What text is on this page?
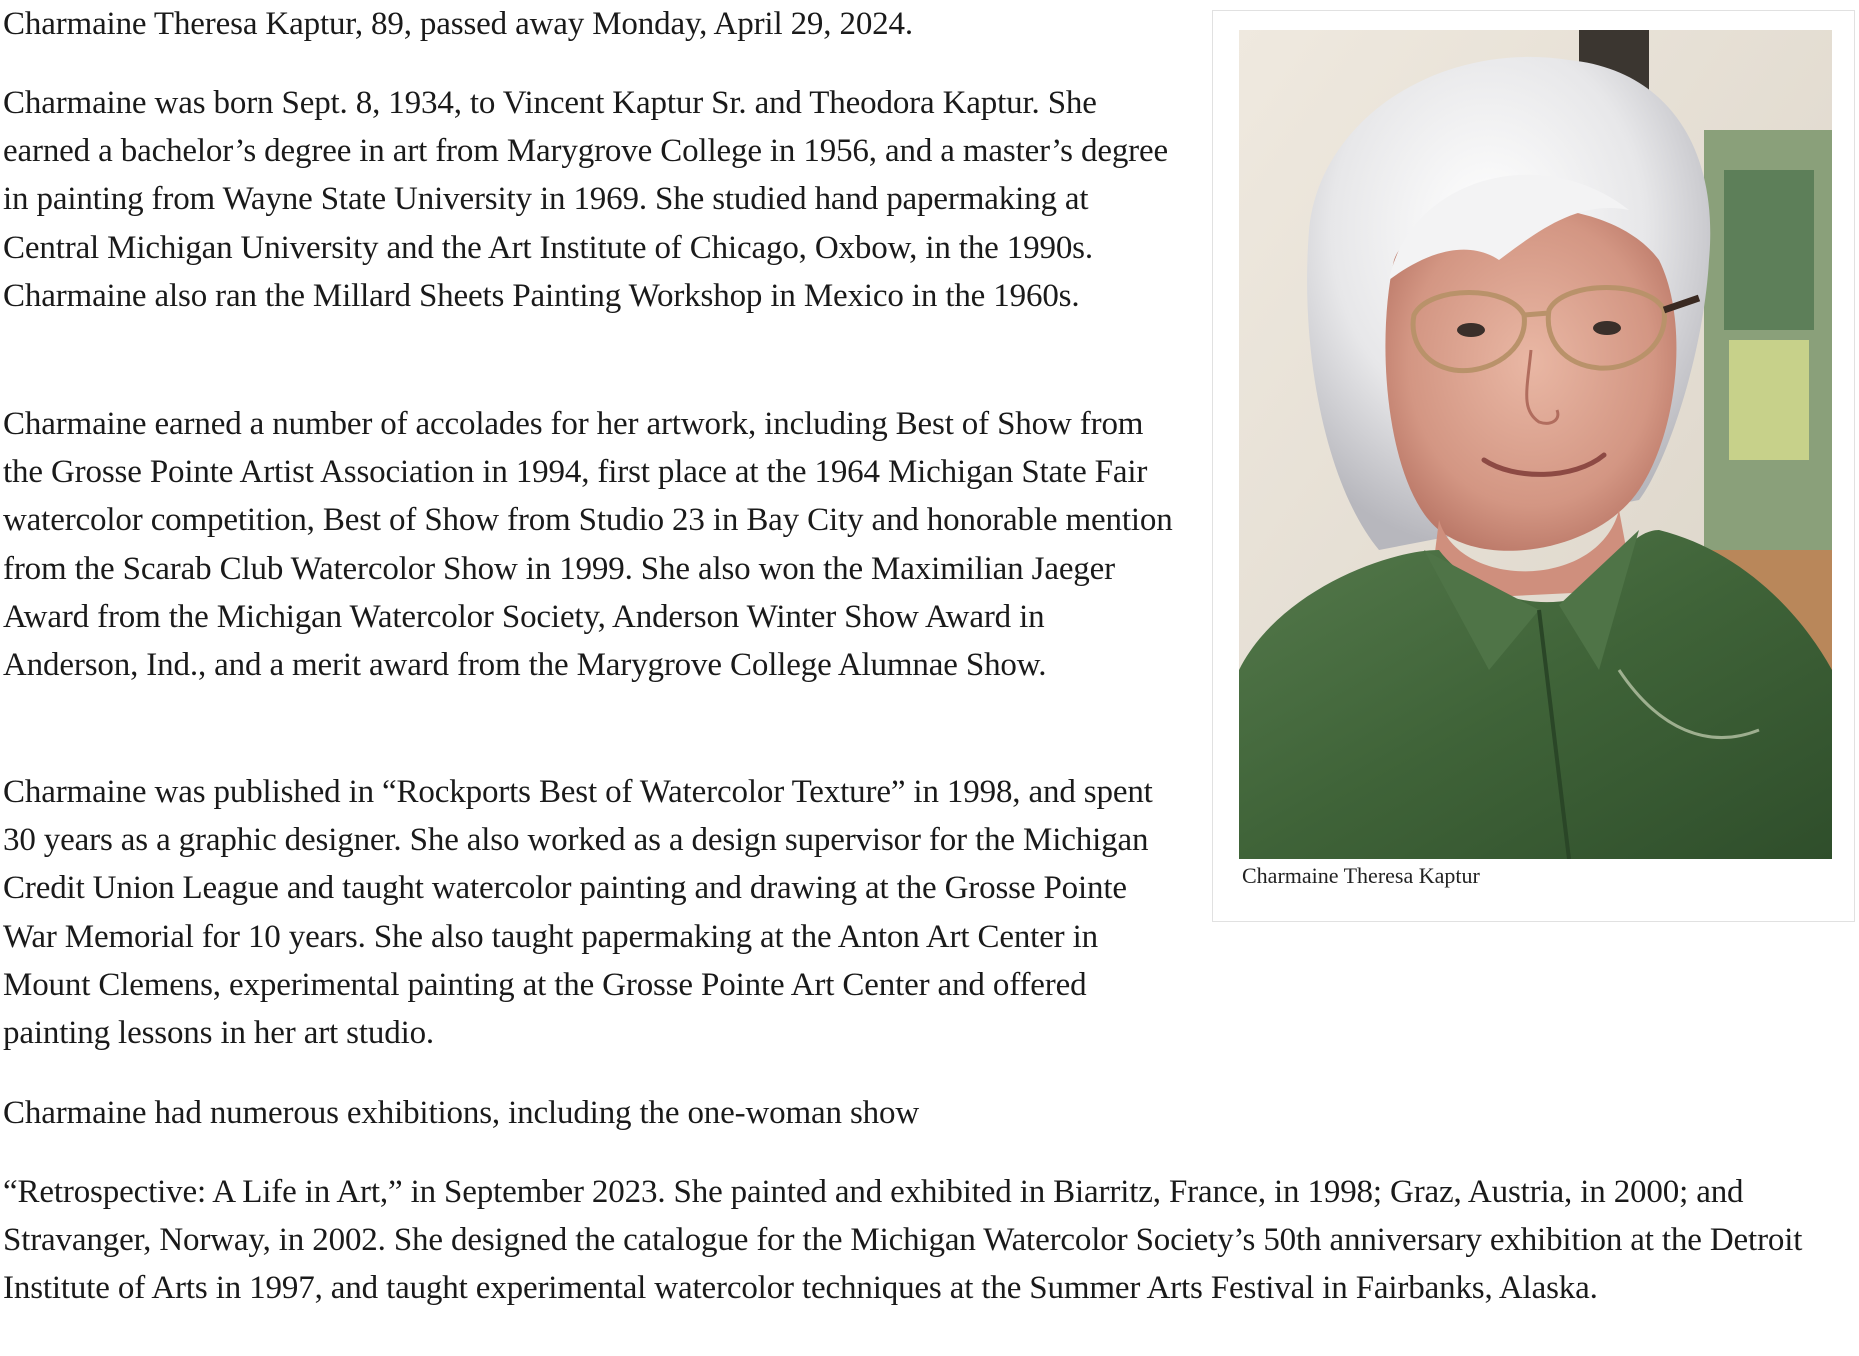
Charmaine Theresa Kaptur, 89, passed away Monday, April 29, 2024.

Charmaine was born Sept. 8, 1934, to Vincent Kaptur Sr. and Theodora Kaptur. She earned a bachelor’s degree in art from Marygrove College in 1956, and a master’s degree in painting from Wayne State University in 1969. She studied hand papermaking at Central Michigan University and the Art Institute of Chicago, Oxbow, in the 1990s. Charmaine also ran the Millard Sheets Painting Workshop in Mexico in the 1960s.

Charmaine earned a number of accolades for her artwork, including Best of Show from the Grosse Pointe Artist Association in 1994, first place at the 1964 Michigan State Fair watercolor competition, Best of Show from Studio 23 in Bay City and honorable mention from the Scarab Club Watercolor Show in 1999. She also won the Maximilian Jaeger Award from the Michigan Watercolor Society, Anderson Winter Show Award in Anderson, Ind., and a merit award from the Marygrove College Alumnae Show.

Charmaine was published in “Rockports Best of Watercolor Texture” in 1998, and spent 30 years as a graphic designer. She also worked as a design supervisor for the Michigan Credit Union League and taught watercolor painting and drawing at the Grosse Pointe War Memorial for 10 years. She also taught papermaking at the Anton Art Center in Mount Clemens, experimental painting at the Grosse Pointe Art Center and offered painting lessons in her art studio.

Charmaine had numerous exhibitions, including the one-woman show

“Retrospective: A Life in Art,” in September 2023. She painted and exhibited in Biarritz, France, in 1998; Graz, Austria, in 2000; and Stravanger, Norway, in 2002. She designed the catalogue for the Michigan Watercolor Society’s 50th anniversary exhibition at the Detroit Institute of Arts in 1997, and taught experimental watercolor techniques at the Summer Arts Festival in Fairbanks, Alaska.

Charmaine Theresa Kaptur
